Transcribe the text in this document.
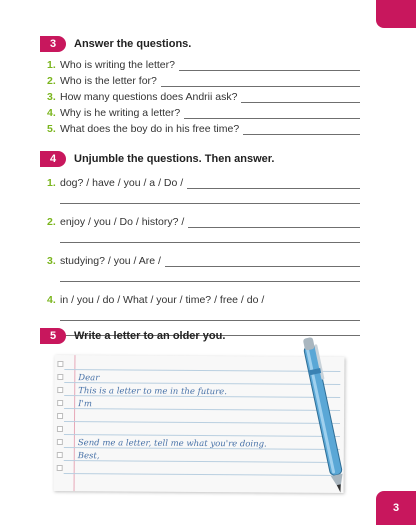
3	Answer the questions.
1. Who is writing the letter?
2. Who is the letter for?
3. How many questions does Andrii ask?
4. Why is he writing a letter?
5. What does the boy do in his free time?
4	Unjumble the questions. Then answer.
1. dog? / have / you / a / Do /
2. enjoy / you / Do / history? /
3. studying? / you / Are /
4. in / you / do / What / your / time? / free / do /
5	Write a letter to an older you.
Dear
This is a letter to me in the future.
I'm
Send me a letter, tell me what you're doing.
Best,
3
